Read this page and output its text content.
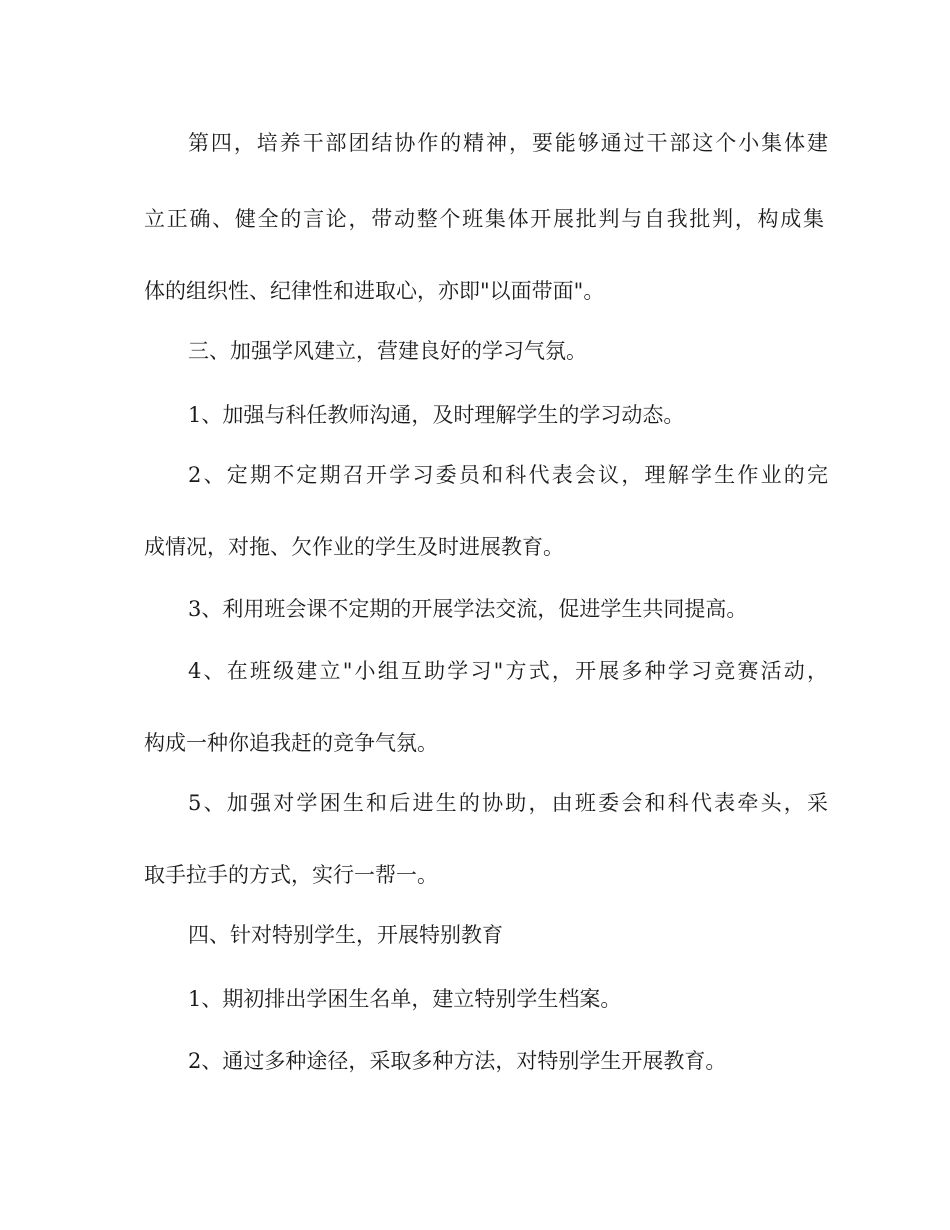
第四，培养干部团结协作的精神，要能够通过干部这个小集体建
立正确、健全的言论，带动整个班集体开展批判与自我批判，构成集
体的组织性、纪律性和进取心，亦即"以面带面"。
三、加强学风建立，营建良好的学习气氛。
1、加强与科任教师沟通，及时理解学生的学习动态。
2、定期不定期召开学习委员和科代表会议，理解学生作业的完
成情况，对拖、欠作业的学生及时进展教育。
3、利用班会课不定期的开展学法交流，促进学生共同提高。
4、在班级建立"小组互助学习"方式，开展多种学习竞赛活动，
构成一种你追我赶的竞争气氛。
5、加强对学困生和后进生的协助，由班委会和科代表牵头，采
取手拉手的方式，实行一帮一。
四、针对特别学生，开展特别教育
1、期初排出学困生名单，建立特别学生档案。
2、通过多种途径，采取多种方法，对特别学生开展教育。
